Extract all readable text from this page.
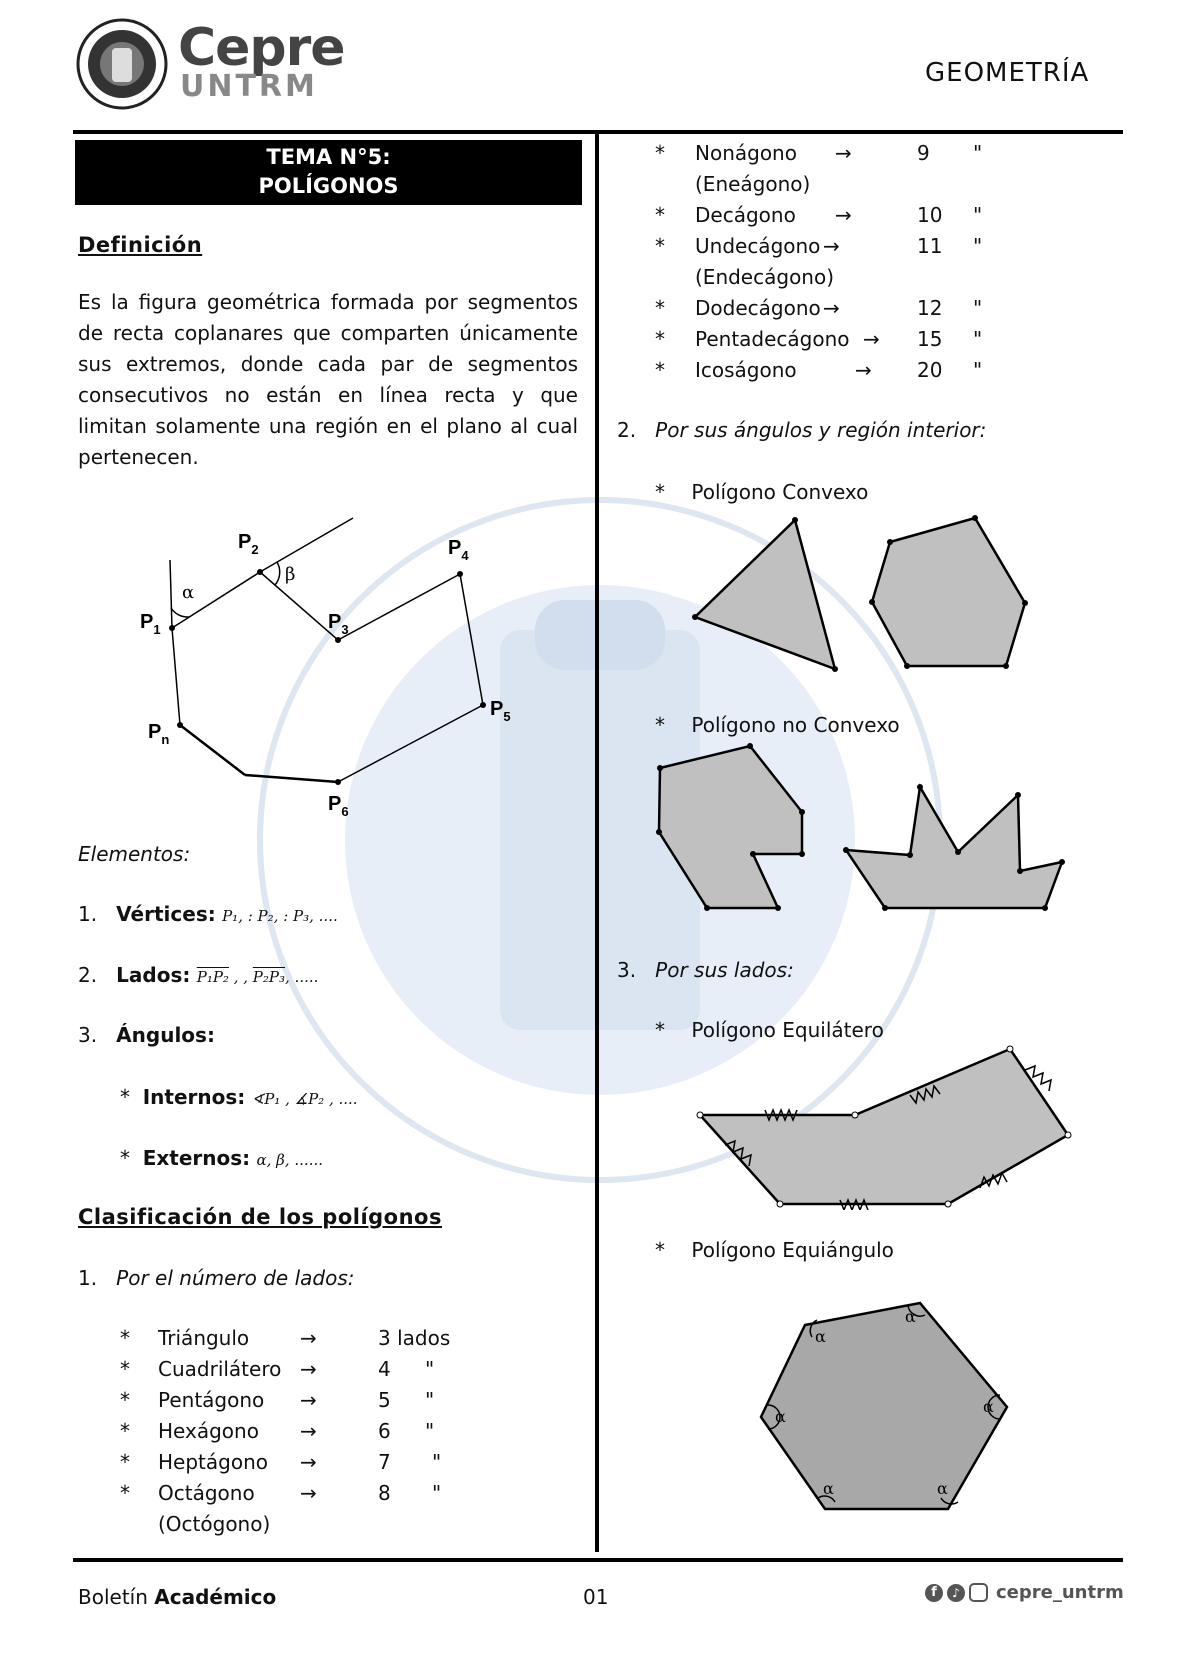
Cepre
UNTRM	GEOMETRÍA
TEMA N°5:
POLÍGONOS
Definición

Es la figura geométrica formada por segmentos de recta coplanares que comparten únicamente sus extremos, donde cada par de segmentos consecutivos no están en línea recta y que limitan solamente una región en el plano al cual pertenecen.

α
β
$P_1$
$P_2$
$P_3$
$P_4$
$P_5$
$P_6$
$P_n$
Elementos:
1. Vértices: P₁, : P₂, : P₃, ....
2. Lados: P₁P₂ , , P₂P₃, .....
3. Ángulos:
* Internos: ∢P₁ , ∡P₂ , ....
* Externos: α, β, ......
Clasificación de los polígonos
1. Por el número de lados:
* Triángulo	→	3 lados
* Cuadrilátero →	4 "
* Pentágono →	5 "
* Hexágono →	6 "
* Heptágono →	7 "
* Octágono →	8 "
(Octógono)
* Nonágono →	9 "
(Eneágono)
* Decágono →	10 "
* Undecágono →	11 "
(Endecágono)
* Dodecágono →	12 "
* Pentadecágono → 15 "
* Icoságono	→ 20 "
2. Por sus ángulos y región interior:
* Polígono Convexo
* Polígono no Convexo
3. Por sus lados:
* Polígono Equilátero
* Polígono Equiángulo
α
α
α
α
α
α
Boletín Académico	01	f	♪ cepre_untrm
